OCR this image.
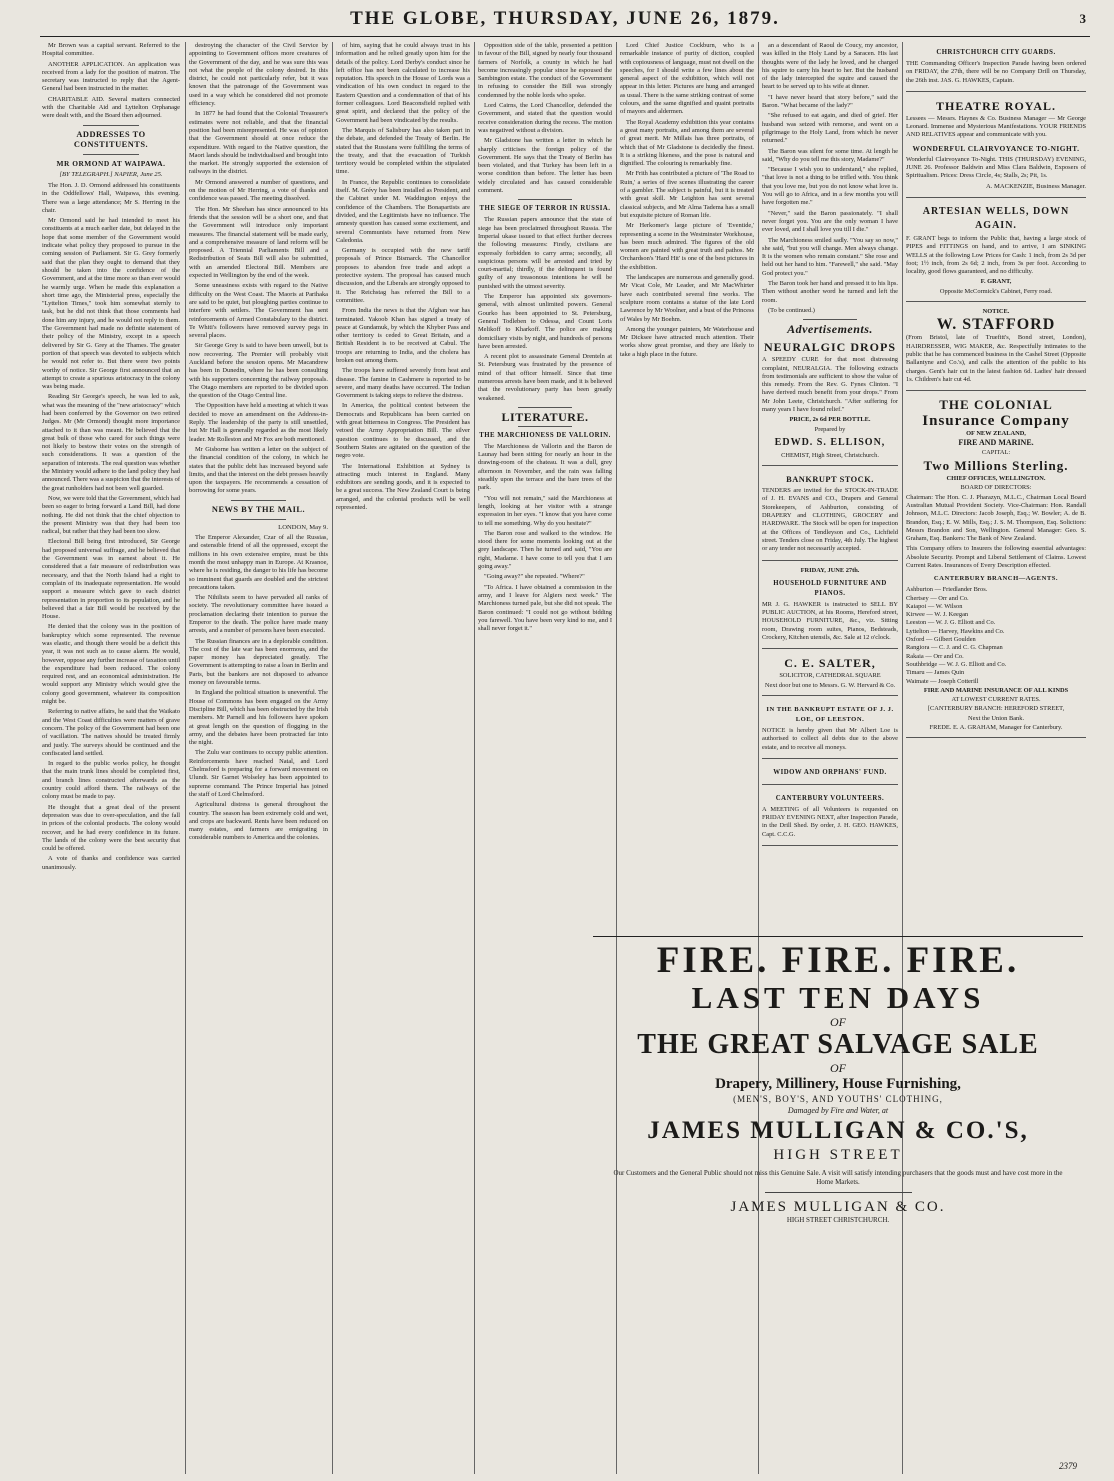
THE GLOBE, THURSDAY, JUNE 26, 1879.	3

Mr Brown was a capital servant. Referred to the Hospital committee.

ANOTHER APPLICATION. An application was received from a lady for the position of matron. The secretary was instructed to reply that the Agent-General had been instructed in the matter.

CHARITABLE AID. Several matters connected with the Charitable Aid and Lyttelton Orphanage were dealt with, and the Board then adjourned.

ADDRESSES TO CONSTITUENTS.
MR ORMOND AT WAIPAWA.
[BY TELEGRAPH.] NAPIER, June 25.

The Hon. J. D. Ormond addressed his constituents in the Oddfellows' Hall, Waipawa, this evening. There was a large attendance; Mr S. Herring in the chair.

Mr Ormond said he had intended to meet his constituents at a much earlier date, but delayed in the hope that some member of the Government would indicate what policy they proposed to pursue in the coming session of Parliament. Sir G. Grey formerly said that the plan they ought to demand that they should be taken into the confidence of the Government, and at the time more so than ever would he warmly urge. When he made this explanation a short time ago, the Ministerial press, especially the "Lyttelton Times," took him somewhat sternly to task, but he did not think that those comments had done him any injury, and he would not reply to them. The Government had made no definite statement of their policy of the Ministry, except in a speech delivered by Sir G. Grey at the Thames. The greater portion of that speech was devoted to subjects which he would not refer to. But there were two points worthy of notice. Sir George first announced that an attempt to create a spurious aristocracy in the colony was being made.

Reading Sir George's speech, he was led to ask, what was the meaning of the "new aristocracy" which had been conferred by the Governor on two retired Judges. Mr (Mr Ormond) thought more importance attached to it than was meant. He believed that the great bulk of those who cared for such things were not likely to bestow their votes on the strength of such considerations. It was a question of the separation of interests. The real question was whether the Ministry would adhere to the land policy they had announced. There was a suspicion that the interests of the great runholders had not been well guarded.

Now, we were told that the Government, which had been so eager to bring forward a Land Bill, had done nothing. He did not think that the chief objection to the present Ministry was that they had been too radical, but rather that they had been too slow.

Electoral Bill being first introduced, Sir George had proposed universal suffrage, and he believed that the Government was in earnest about it. He considered that a fair measure of redistribution was necessary, and that the North Island had a right to complain of its inadequate representation. He would support a measure which gave to each district representation in proportion to its population, and he believed that a fair Bill would be received by the House.

He denied that the colony was in the position of bankruptcy which some represented. The revenue was elastic, and though there would be a deficit this year, it was not such as to cause alarm. He would, however, oppose any further increase of taxation until the expenditure had been reduced. The colony required rest, and an economical administration. He would support any Ministry which would give the colony good government, whatever its composition might be.

Referring to native affairs, he said that the Waikato and the West Coast difficulties were matters of grave concern. The policy of the Government had been one of vacillation. The natives should be treated firmly and justly. The surveys should be continued and the confiscated land settled.

In regard to the public works policy, he thought that the main trunk lines should be completed first, and branch lines constructed afterwards as the country could afford them. The railways of the colony must be made to pay.

He thought that a great deal of the present depression was due to over-speculation, and the fall in prices of the colonial products. The colony would recover, and he had every confidence in its future. The lands of the colony were the best security that could be offered.

A vote of thanks and confidence was carried unanimously.

destroying the character of the Civil Service by appointing to Government offices more creatures of the Government of the day, and he was sure this was not what the people of the colony desired. In this district, he could not particularly refer, but it was known that the patronage of the Government was used in a way which he considered did not promote efficiency.

In 1877 he had found that the Colonial Treasurer's estimates were not reliable, and that the financial position had been misrepresented. He was of opinion that the Government should at once reduce the expenditure. With regard to the Native question, the Maori lands should be individualised and brought into the market. He strongly supported the extension of railways in the district.

Mr Ormond answered a number of questions, and on the motion of Mr Herring, a vote of thanks and confidence was passed. The meeting dissolved.

The Hon. Mr Sheehan has since announced to his friends that the session will be a short one, and that the Government will introduce only important measures. The financial statement will be made early, and a comprehensive measure of land reform will be proposed. A Triennial Parliaments Bill and a Redistribution of Seats Bill will also be submitted, with an amended Electoral Bill. Members are expected in Wellington by the end of the week.

Some uneasiness exists with regard to the Native difficulty on the West Coast. The Maoris at Parihaka are said to be quiet, but ploughing parties continue to interfere with settlers. The Government has sent reinforcements of Armed Constabulary to the district. Te Whiti's followers have removed survey pegs in several places.

Sir George Grey is said to have been unwell, but is now recovering. The Premier will probably visit Auckland before the session opens. Mr Macandrew has been in Dunedin, where he has been consulting with his supporters concerning the railway proposals. The Otago members are reported to be divided upon the question of the Otago Central line.

The Opposition have held a meeting at which it was decided to move an amendment on the Address-in-Reply. The leadership of the party is still unsettled, but Mr Hall is generally regarded as the most likely leader. Mr Rolleston and Mr Fox are both mentioned.

Mr Gisborne has written a letter on the subject of the financial condition of the colony, in which he states that the public debt has increased beyond safe limits, and that the interest on the debt presses heavily upon the taxpayers. He recommends a cessation of borrowing for some years.

NEWS BY THE MAIL.
LONDON, May 9.

The Emperor Alexander, Czar of all the Russias, and ostensible friend of all the oppressed, except the millions in his own extensive empire, must be this month the most unhappy man in Europe. At Krasnoe, where he is residing, the danger to his life has become so imminent that guards are doubled and the strictest precautions taken.

The Nihilists seem to have pervaded all ranks of society. The revolutionary committee have issued a proclamation declaring their intention to pursue the Emperor to the death. The police have made many arrests, and a number of persons have been executed.

The Russian finances are in a deplorable condition. The cost of the late war has been enormous, and the paper money has depreciated greatly. The Government is attempting to raise a loan in Berlin and Paris, but the bankers are not disposed to advance money on favourable terms.

In England the political situation is uneventful. The House of Commons has been engaged on the Army Discipline Bill, which has been obstructed by the Irish members. Mr Parnell and his followers have spoken at great length on the question of flogging in the army, and the debates have been protracted far into the night.

The Zulu war continues to occupy public attention. Reinforcements have reached Natal, and Lord Chelmsford is preparing for a forward movement on Ulundi. Sir Garnet Wolseley has been appointed to supreme command. The Prince Imperial has joined the staff of Lord Chelmsford.

Agricultural distress is general throughout the country. The season has been extremely cold and wet, and crops are backward. Rents have been reduced on many estates, and farmers are emigrating in considerable numbers to America and the colonies.

of him, saying that he could always trust in his information and he relied greatly upon him for the details of the policy. Lord Derby's conduct since he left office has not been calculated to increase his reputation. His speech in the House of Lords was a vindication of his own conduct in regard to the Eastern Question and a condemnation of that of his former colleagues. Lord Beaconsfield replied with great spirit, and declared that the policy of the Government had been vindicated by the results.

The Marquis of Salisbury has also taken part in the debate, and defended the Treaty of Berlin. He stated that the Russians were fulfilling the terms of the treaty, and that the evacuation of Turkish territory would be completed within the stipulated time.

In France, the Republic continues to consolidate itself. M. Grévy has been installed as President, and the Cabinet under M. Waddington enjoys the confidence of the Chambers. The Bonapartists are divided, and the Legitimists have no influence. The amnesty question has caused some excitement, and several Communists have returned from New Caledonia.

Germany is occupied with the new tariff proposals of Prince Bismarck. The Chancellor proposes to abandon free trade and adopt a protective system. The proposal has caused much discussion, and the Liberals are strongly opposed to it. The Reichstag has referred the Bill to a committee.

From India the news is that the Afghan war has terminated. Yakoob Khan has signed a treaty of peace at Gundamuk, by which the Khyber Pass and other territory is ceded to Great Britain, and a British Resident is to be received at Cabul. The troops are returning to India, and the cholera has broken out among them.

The troops have suffered severely from heat and disease. The famine in Cashmere is reported to be severe, and many deaths have occurred. The Indian Government is taking steps to relieve the distress.

In America, the political contest between the Democrats and Republicans has been carried on with great bitterness in Congress. The President has vetoed the Army Appropriation Bill. The silver question continues to be discussed, and the Southern States are agitated on the question of the negro vote.

The International Exhibition at Sydney is attracting much interest in England. Many exhibitors are sending goods, and it is expected to be a great success. The New Zealand Court is being arranged, and the colonial products will be well represented.

Opposition side of the table, presented a petition in favour of the Bill, signed by nearly four thousand farmers of Norfolk, a county in which he had become increasingly popular since he espoused the Sambington estate. The conduct of the Government in refusing to consider the Bill was strongly condemned by the noble lords who spoke.

Lord Cairns, the Lord Chancellor, defended the Government, and stated that the question would receive consideration during the recess. The motion was negatived without a division.

Mr Gladstone has written a letter in which he sharply criticises the foreign policy of the Government. He says that the Treaty of Berlin has been violated, and that Turkey has been left in a worse condition than before. The letter has been widely circulated and has caused considerable comment.

THE SIEGE OF TERROR IN RUSSIA.

The Russian papers announce that the state of siege has been proclaimed throughout Russia. The Imperial ukase issued to that effect further decrees the following measures: Firstly, civilians are expressly forbidden to carry arms; secondly, all suspicious persons will be arrested and tried by court-martial; thirdly, if the delinquent is found guilty of any treasonous intentions he will be punished with the utmost severity.

The Emperor has appointed six governors-general, with almost unlimited powers. General Gourko has been appointed to St. Petersburg, General Todleben to Odessa, and Count Loris Melikoff to Kharkoff. The police are making domiciliary visits by night, and hundreds of persons have been arrested.

A recent plot to assassinate General Drenteln at St. Petersburg was frustrated by the presence of mind of that officer himself. Since that time numerous arrests have been made, and it is believed that the revolutionary party has been greatly weakened.

LITERATURE.
THE MARCHIONESS DE VALLORIN.

The Marchioness de Vallorin and the Baron de Launay had been sitting for nearly an hour in the drawing-room of the chateau. It was a dull, grey afternoon in November, and the rain was falling steadily upon the terrace and the bare trees of the park.

"You will not remain," said the Marchioness at length, looking at her visitor with a strange expression in her eyes. "I know that you have come to tell me something. Why do you hesitate?"

The Baron rose and walked to the window. He stood there for some moments looking out at the grey landscape. Then he turned and said, "You are right, Madame. I have come to tell you that I am going away."

"Going away?" she repeated. "Where?"

"To Africa. I have obtained a commission in the army, and I leave for Algiers next week." The Marchioness turned pale, but she did not speak. The Baron continued: "I could not go without bidding you farewell. You have been very kind to me, and I shall never forget it."

Lord Chief Justice Cockburn, who is a remarkable instance of purity of diction, coupled with copiousness of language, must not dwell on the speeches, for I should write a few lines about the general aspect of the exhibition, which will not appear in this letter. Pictures are hung and arranged as usual. There is the same striking contrast of some colours, and the same dignified and quaint portraits of mayors and aldermen.

The Royal Academy exhibition this year contains a great many portraits, and among them are several of great merit. Mr Millais has three portraits, of which that of Mr Gladstone is decidedly the finest. It is a striking likeness, and the pose is natural and dignified. The colouring is remarkably fine.

Mr Frith has contributed a picture of 'The Road to Ruin,' a series of five scenes illustrating the career of a gambler. The subject is painful, but it is treated with great skill. Mr Leighton has sent several classical subjects, and Mr Alma Tadema has a small but exquisite picture of Roman life.

Mr Herkomer's large picture of 'Eventide,' representing a scene in the Westminster Workhouse, has been much admired. The figures of the old women are painted with great truth and pathos. Mr Orchardson's 'Hard Hit' is one of the best pictures in the exhibition.

The landscapes are numerous and generally good. Mr Vicat Cole, Mr Leader, and Mr MacWhirter have each contributed several fine works. The sculpture room contains a statue of the late Lord Lawrence by Mr Woolner, and a bust of the Princess of Wales by Mr Boehm.

Among the younger painters, Mr Waterhouse and Mr Dicksee have attracted much attention. Their works show great promise, and they are likely to take a high place in the future.

an a descendant of Raoul de Coucy, my ancestor, was killed in the Holy Land by a Saracen. His last thoughts were of the lady he loved, and he charged his squire to carry his heart to her. But the husband of the lady intercepted the squire and caused the heart to be served up to his wife at dinner.

"I have never heard that story before," said the Baron. "What became of the lady?"

"She refused to eat again, and died of grief. Her husband was seized with remorse, and went on a pilgrimage to the Holy Land, from which he never returned."

The Baron was silent for some time. At length he said, "Why do you tell me this story, Madame?"

"Because I wish you to understand," she replied, "that love is not a thing to be trifled with. You think that you love me, but you do not know what love is. You will go to Africa, and in a few months you will have forgotten me."

"Never," said the Baron passionately. "I shall never forget you. You are the only woman I have ever loved, and I shall love you till I die."

The Marchioness smiled sadly. "You say so now," she said, "but you will change. Men always change. It is the women who remain constant." She rose and held out her hand to him. "Farewell," she said. "May God protect you."

The Baron took her hand and pressed it to his lips. Then without another word he turned and left the room.

(To be continued.)

Advertisements.
NEURALGIC DROPS

A SPEEDY CURE for that most distressing complaint, NEURALGIA. The following extracts from testimonials are sufficient to show the value of this remedy. From the Rev. G. Fynes Clinton. "I have derived much benefit from your drops." From Mr John Leete, Christchurch. "After suffering for many years I have found relief."

PRICE, 2s 6d PER BOTTLE.
Prepared by
EDWD. S. ELLISON,
CHEMIST, High Street, Christchurch.
BANKRUPT STOCK.

TENDERS are invited for the STOCK-IN-TRADE of J. H. EVANS and CO., Drapers and General Storekeepers, of Ashburton, consisting of DRAPERY and CLOTHING, GROCERY and HARDWARE. The Stock will be open for inspection at the Offices of Tendleyson and Co., Lichfield street. Tenders close on Friday, 4th July. The highest or any tender not necessarily accepted.

FRIDAY, JUNE 27th.
HOUSEHOLD FURNITURE AND PIANOS.

MR J. G. HAWKER is instructed to SELL BY PUBLIC AUCTION, at his Rooms, Hereford street, HOUSEHOLD FURNITURE, &c., viz. Sitting room, Drawing room suites, Pianos, Bedsteads, Crockery, Kitchen utensils, &c. Sale at 12 o'clock.

C. E. SALTER,
SOLICITOR, CATHEDRAL SQUARE
Next door but one to Messrs. G. W. Hervard & Co.
IN THE BANKRUPT ESTATE OF J. J. LOE, OF LEESTON.

NOTICE is hereby given that Mr Albert Loe is authorised to collect all debts due to the above estate, and to receive all moneys.

WIDOW AND ORPHANS' FUND.
CANTERBURY VOLUNTEERS.

A MEETING of all Volunteers is requested on FRIDAY EVENING NEXT, after Inspection Parade, in the Drill Shed. By order, J. H. GEO. HAWKES, Capt. C.C.G.

CHRISTCHURCH CITY GUARDS.

THE Commanding Officer's Inspection Parade having been ordered on FRIDAY, the 27th, there will be no Company Drill on Thursday, the 26th inst. JAS. G. HAWKES, Captain.

THEATRE ROYAL.

Lessees — Messrs. Haynes & Co. Business Manager — Mr George Leonard. Immense and Mysterious Manifestations. YOUR FRIENDS AND RELATIVES appear and communicate with you.

WONDERFUL CLAIRVOYANCE TO-NIGHT.

Wonderful Clairvoyance To-Night. THIS (THURSDAY) EVENING, JUNE 26. Professor Baldwin and Miss Clara Baldwin, Exposers of Spiritualism. Prices: Dress Circle, 4s; Stalls, 2s; Pit, 1s.

A. MACKENZIE, Business Manager.
ARTESIAN WELLS, DOWN AGAIN.

F. GRANT begs to inform the Public that, having a large stock of PIPES and FITTINGS on hand, and to arrive, I am SINKING WELLS at the following Low Prices for Cash: 1 inch, from 2s 3d per foot; 1½ inch, from 2s 6d; 2 inch, from 3s per foot. According to locality, good flows guaranteed, and no difficulty.

F. GRANT,
Opposite McCormick's Cabinet, Ferry road.
NOTICE.
W. STAFFORD

(From Bristol, late of Truefitt's, Bond street, London), HAIRDRESSER, WIG MAKER, &c. Respectfully intimates to the public that he has commenced business in the Cashel Street (Opposite Ballantyne and Co.'s), and calls the attention of the public to his charges. Gent's hair cut in the latest fashion 6d. Ladies' hair dressed 1s. Children's hair cut 4d.

THE COLONIAL
Insurance Company
OF NEW ZEALAND,
FIRE AND MARINE.
CAPITAL:
Two Millions Sterling.
CHIEF OFFICES, WELLINGTON.
BOARD OF DIRECTORS:

Chairman: The Hon. C. J. Pharazyn, M.L.C., Chairman Local Board Australian Mutual Provident Society. Vice-Chairman: Hon. Randall Johnson, M.L.C. Directors: Jacob Joseph, Esq.; W. Bowler; A. de B. Brandon, Esq.; E. W. Mills, Esq.; J. S. M. Thompson, Esq. Solicitors: Messrs Brandon and Son, Wellington. General Manager: Geo. S. Graham, Esq. Bankers: The Bank of New Zealand.

This Company offers to Insurers the following essential advantages: Absolute Security. Prompt and Liberal Settlement of Claims. Lowest Current Rates. Insurances of Every Description effected.

CANTERBURY BRANCH—AGENTS.
Ashburton — Friedlander Bros.
Chertsey — Orr and Co.
Kaiapoi — W. Wilson
Kirwee — W. J. Keegan
Leeston — W. J. G. Elliott and Co.
Lyttelton — Harvey, Hawkins and Co.
Oxford — Gilbert Goulden
Rangiora — C. J. and C. G. Chapman
Rakaia — Orr and Co.
Southbridge — W. J. G. Elliott and Co.
Timaru — James Quin
Waimate — Joseph Cotterill
FIRE AND MARINE INSURANCE OF ALL KINDS
AT LOWEST CURRENT RATES.
[CANTERBURY BRANCH: HEREFORD STREET,
Next the Union Bank.
FREDE. E. A. GRAHAM, Manager for Canterbury.
FIRE. FIRE. FIRE.
LAST TEN DAYS
OF
THE GREAT SALVAGE SALE
OF
Drapery, Millinery, House Furnishing,
(MEN'S, BOY'S, AND YOUTHS' CLOTHING,
Damaged by Fire and Water, at
JAMES MULLIGAN & CO.'S,
HIGH STREET
Our Customers and the General Public should not miss this Genuine Sale. A visit will satisfy intending purchasers that the goods must and have cost more in the Home Markets.
JAMES MULLIGAN & CO.
HIGH STREET CHRISTCHURCH.
2379
